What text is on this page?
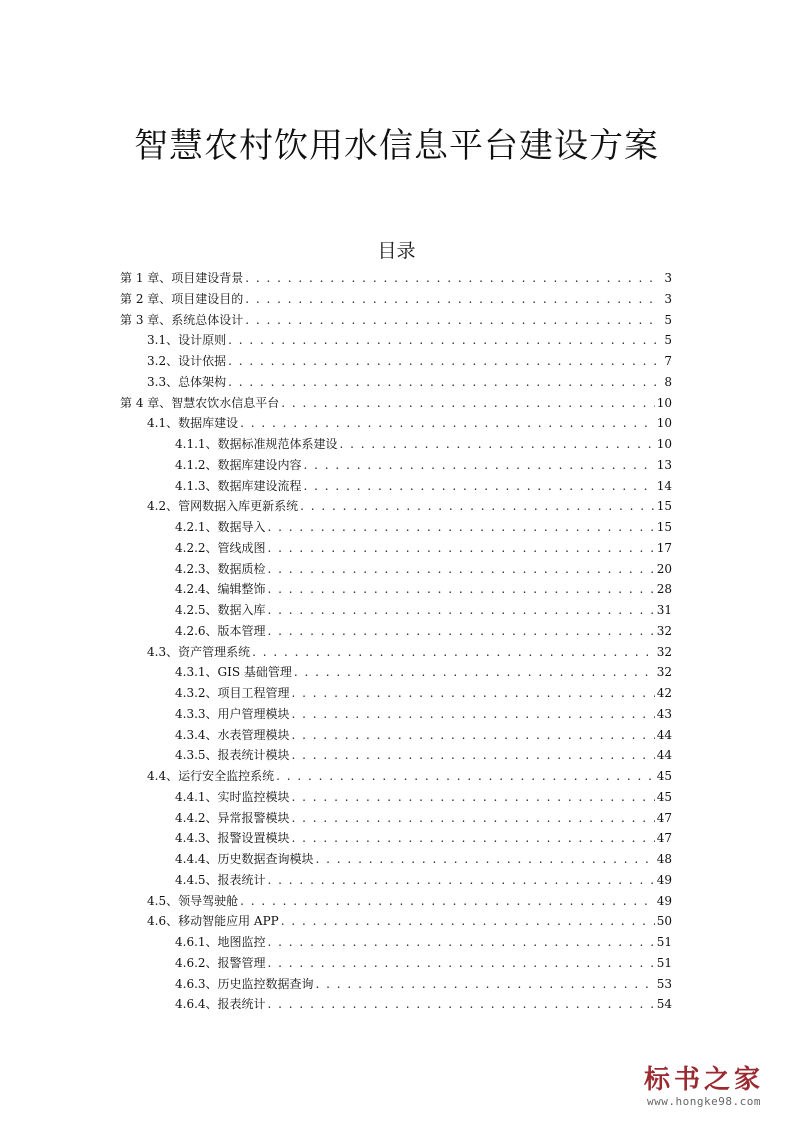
智慧农村饮用水信息平台建设方案
目录
第 1 章、项目建设背景 . . .	3
第 2 章、项目建设目的 . . .	3
第 3 章、系统总体设计 . . .	5
3.1、设计原则 . . .	5
3.2、设计依据 . . .	7
3.3、总体架构 . . .	8
第 4 章、智慧农饮水信息平台 . . .	10
4.1、数据库建设 . . .	10
4.1.1、数据标准规范体系建设 . . .	10
4.1.2、数据库建设内容 . . .	13
4.1.3、数据库建设流程 . . .	14
4.2、管网数据入库更新系统 . . .	15
4.2.1、数据导入 . . .	15
4.2.2、管线成图 . . .	17
4.2.3、数据质检 . . .	20
4.2.4、编辑整饰 . . .	28
4.2.5、数据入库 . . .	31
4.2.6、版本管理 . . .	32
4.3、资产管理系统 . . .	32
4.3.1、GIS 基础管理 . . .	32
4.3.2、项目工程管理 . . .	42
4.3.3、用户管理模块 . . .	43
4.3.4、水表管理模块 . . .	44
4.3.5、报表统计模块 . . .	44
4.4、运行安全监控系统 . . .	45
4.4.1、实时监控模块 . . .	45
4.4.2、异常报警模块 . . .	47
4.4.3、报警设置模块 . . .	47
4.4.4、历史数据查询模块 . . .	48
4.4.5、报表统计 . . .	49
4.5、领导驾驶舱 . . .	49
4.6、移动智能应用 APP . . .	50
4.6.1、地图监控 . . .	51
4.6.2、报警管理 . . .	51
4.6.3、历史监控数据查询 . . .	53
4.6.4、报表统计 . . .	54
标书之家
www.hongke98.com
